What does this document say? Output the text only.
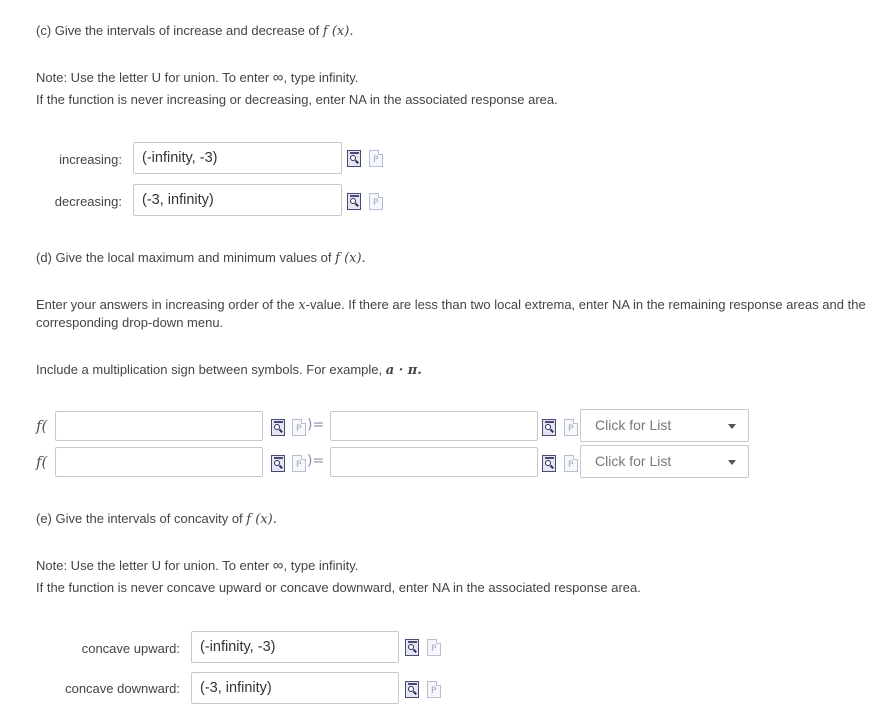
(c) Give the intervals of increase and decrease of f (x).
Note: Use the letter U for union. To enter ∞, type infinity.
If the function is never increasing or decreasing, enter NA in the associated response area.
increasing:	(-infinity, -3)	P
decreasing:	(-3, infinity)	P
(d) Give the local maximum and minimum values of f (x).
Enter your answers in increasing order of the x-value. If there are less than two local extrema, enter NA in the remaining response areas and the
corresponding drop-down menu.
Include a multiplication sign between symbols. For example, a · π.
f(	P )=	P	Click for List
f(	P )=	P	Click for List
(e) Give the intervals of concavity of f (x).
Note: Use the letter U for union. To enter ∞, type infinity.
If the function is never concave upward or concave downward, enter NA in the associated response area.
concave upward:	(-infinity, -3)	P
concave downward:	(-3, infinity)	P
